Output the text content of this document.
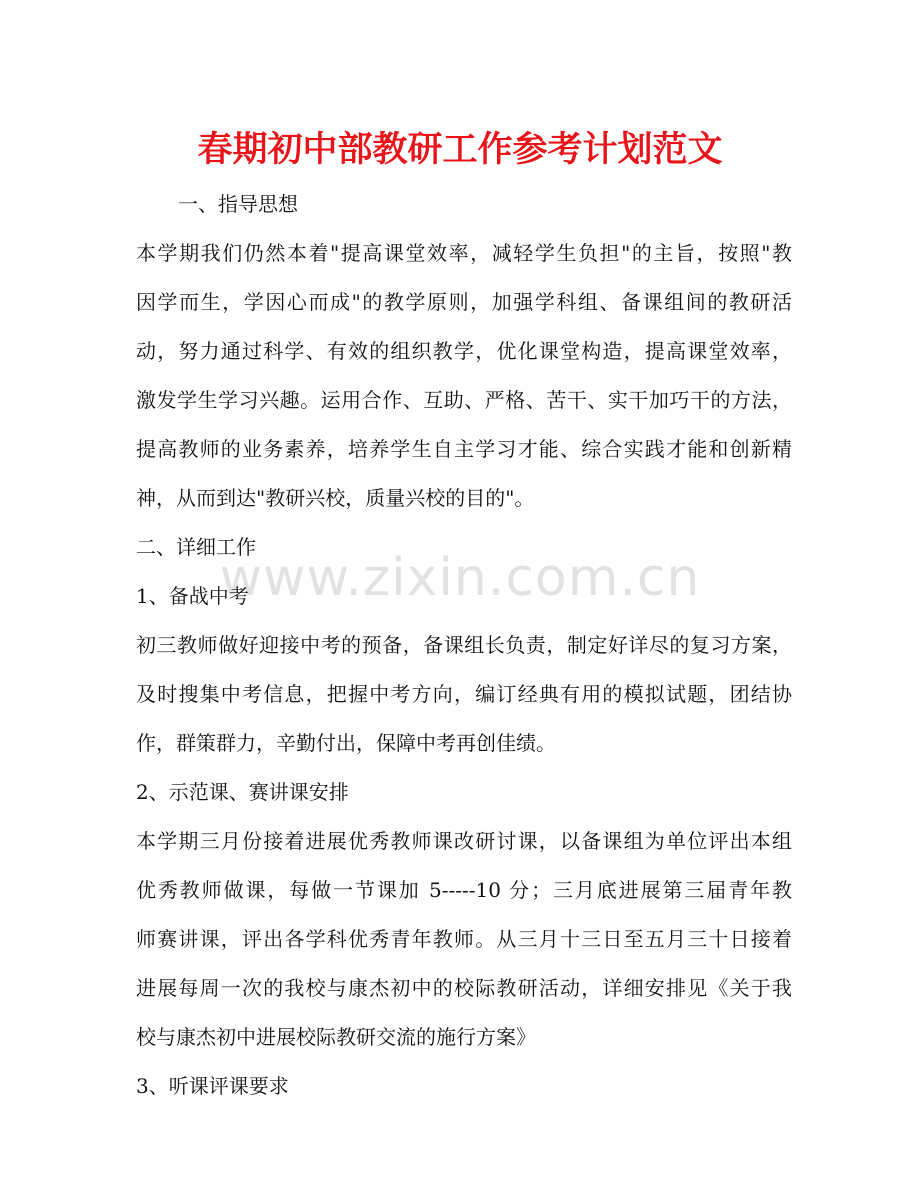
春期初中部教研工作参考计划范文
www.zixin.com.cn
一、指导思想
本学期我们仍然本着"提高课堂效率，减轻学生负担"的主旨，按照"教
因学而生，学因心而成"的教学原则，加强学科组、备课组间的教研活
动，努力通过科学、有效的组织教学，优化课堂构造，提高课堂效率，
激发学生学习兴趣。运用合作、互助、严格、苦干、实干加巧干的方法，
提高教师的业务素养，培养学生自主学习才能、综合实践才能和创新精
神，从而到达"教研兴校，质量兴校的目的"。
二、详细工作
1、备战中考
初三教师做好迎接中考的预备，备课组长负责，制定好详尽的复习方案，
及时搜集中考信息，把握中考方向，编订经典有用的模拟试题，团结协
作，群策群力，辛勤付出，保障中考再创佳绩。
2、示范课、赛讲课安排
本学期三月份接着进展优秀教师课改研讨课，以备课组为单位评出本组
优秀教师做课，每做一节课加 5-----10 分；三月底进展第三届青年教
师赛讲课，评出各学科优秀青年教师。从三月十三日至五月三十日接着
进展每周一次的我校与康杰初中的校际教研活动，详细安排见《关于我
校与康杰初中进展校际教研交流的施行方案》
3、听课评课要求
